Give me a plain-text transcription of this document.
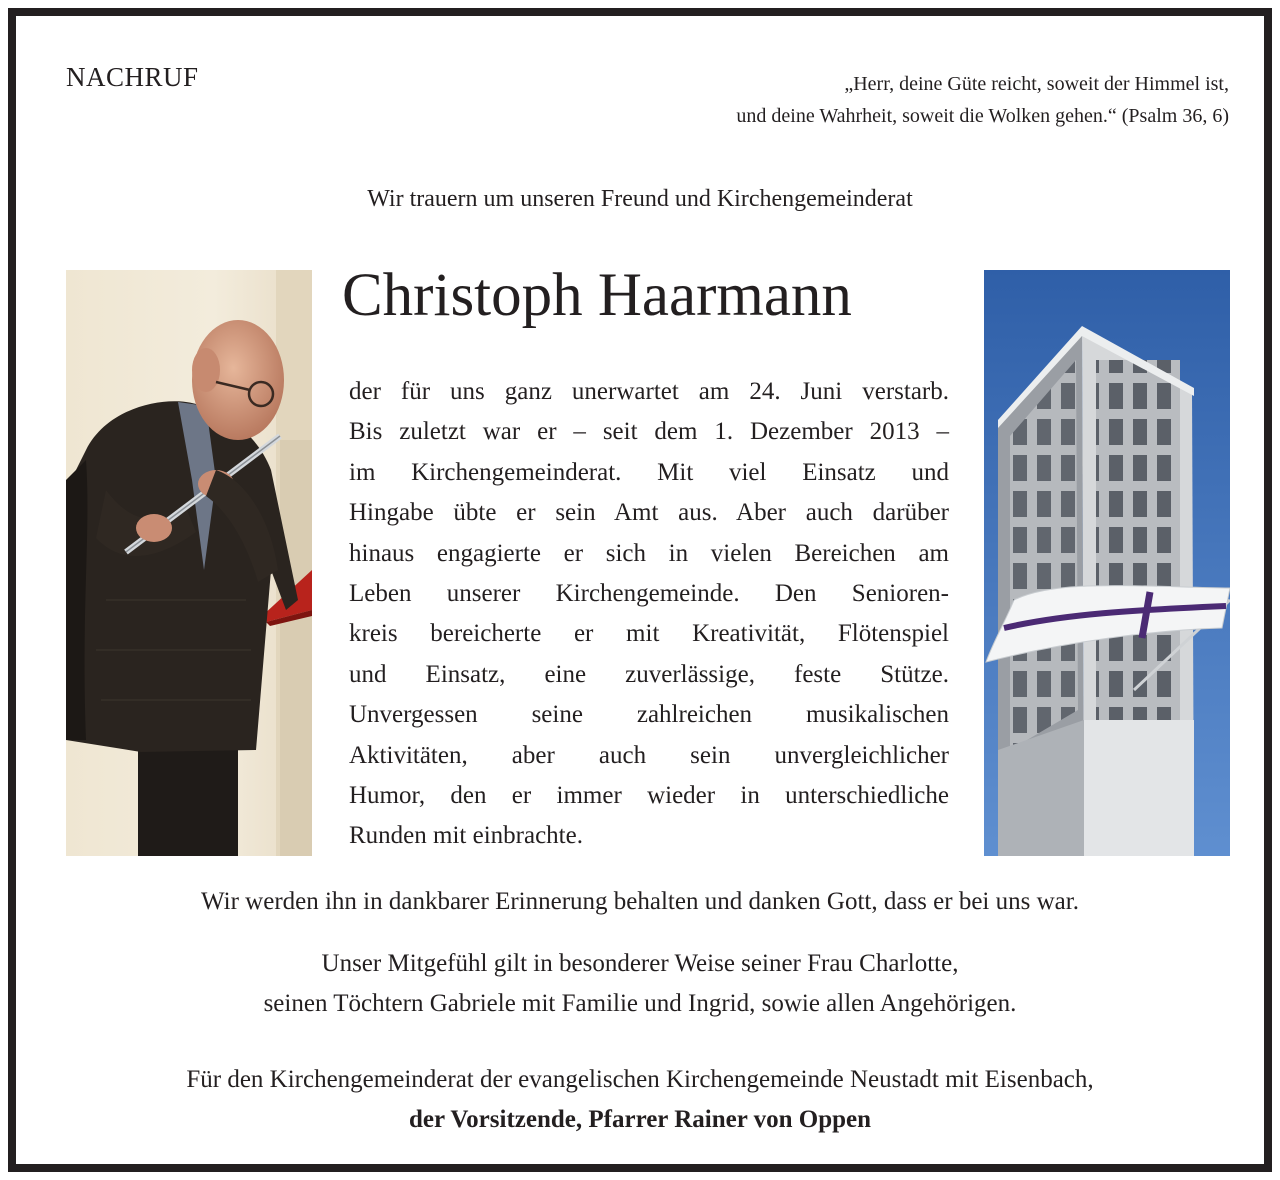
NACHRUF	„Herr, deine Güte reicht, soweit der Himmel ist,
und deine Wahrheit, soweit die Wolken gehen.“ (Psalm 36, 6)
Wir trauern um unseren Freund und Kirchengemeinderat
Christoph Haarmann
der für uns ganz unerwartet am 24. Juni verstarb.
Bis zuletzt war er – seit dem 1. Dezember 2013 –
im Kirchengemeinderat. Mit viel Einsatz und
Hingabe übte er sein Amt aus. Aber auch darüber
hinaus engagierte er sich in vielen Bereichen am
Leben unserer Kirchengemeinde. Den Senioren-
kreis bereicherte er mit Kreativität, Flötenspiel
und Einsatz, eine zuverlässige, feste Stütze.
Unvergessen seine zahlreichen musikalischen
Aktivitäten, aber auch sein unvergleichlicher
Humor, den er immer wieder in unterschiedliche
Runden mit einbrachte.
Wir werden ihn in dankbarer Erinnerung behalten und danken Gott, dass er bei uns war.
Unser Mitgefühl gilt in besonderer Weise seiner Frau Charlotte,
seinen Töchtern Gabriele mit Familie und Ingrid, sowie allen Angehörigen.
Für den Kirchengemeinderat der evangelischen Kirchengemeinde Neustadt mit Eisenbach,
der Vorsitzende, Pfarrer Rainer von Oppen
